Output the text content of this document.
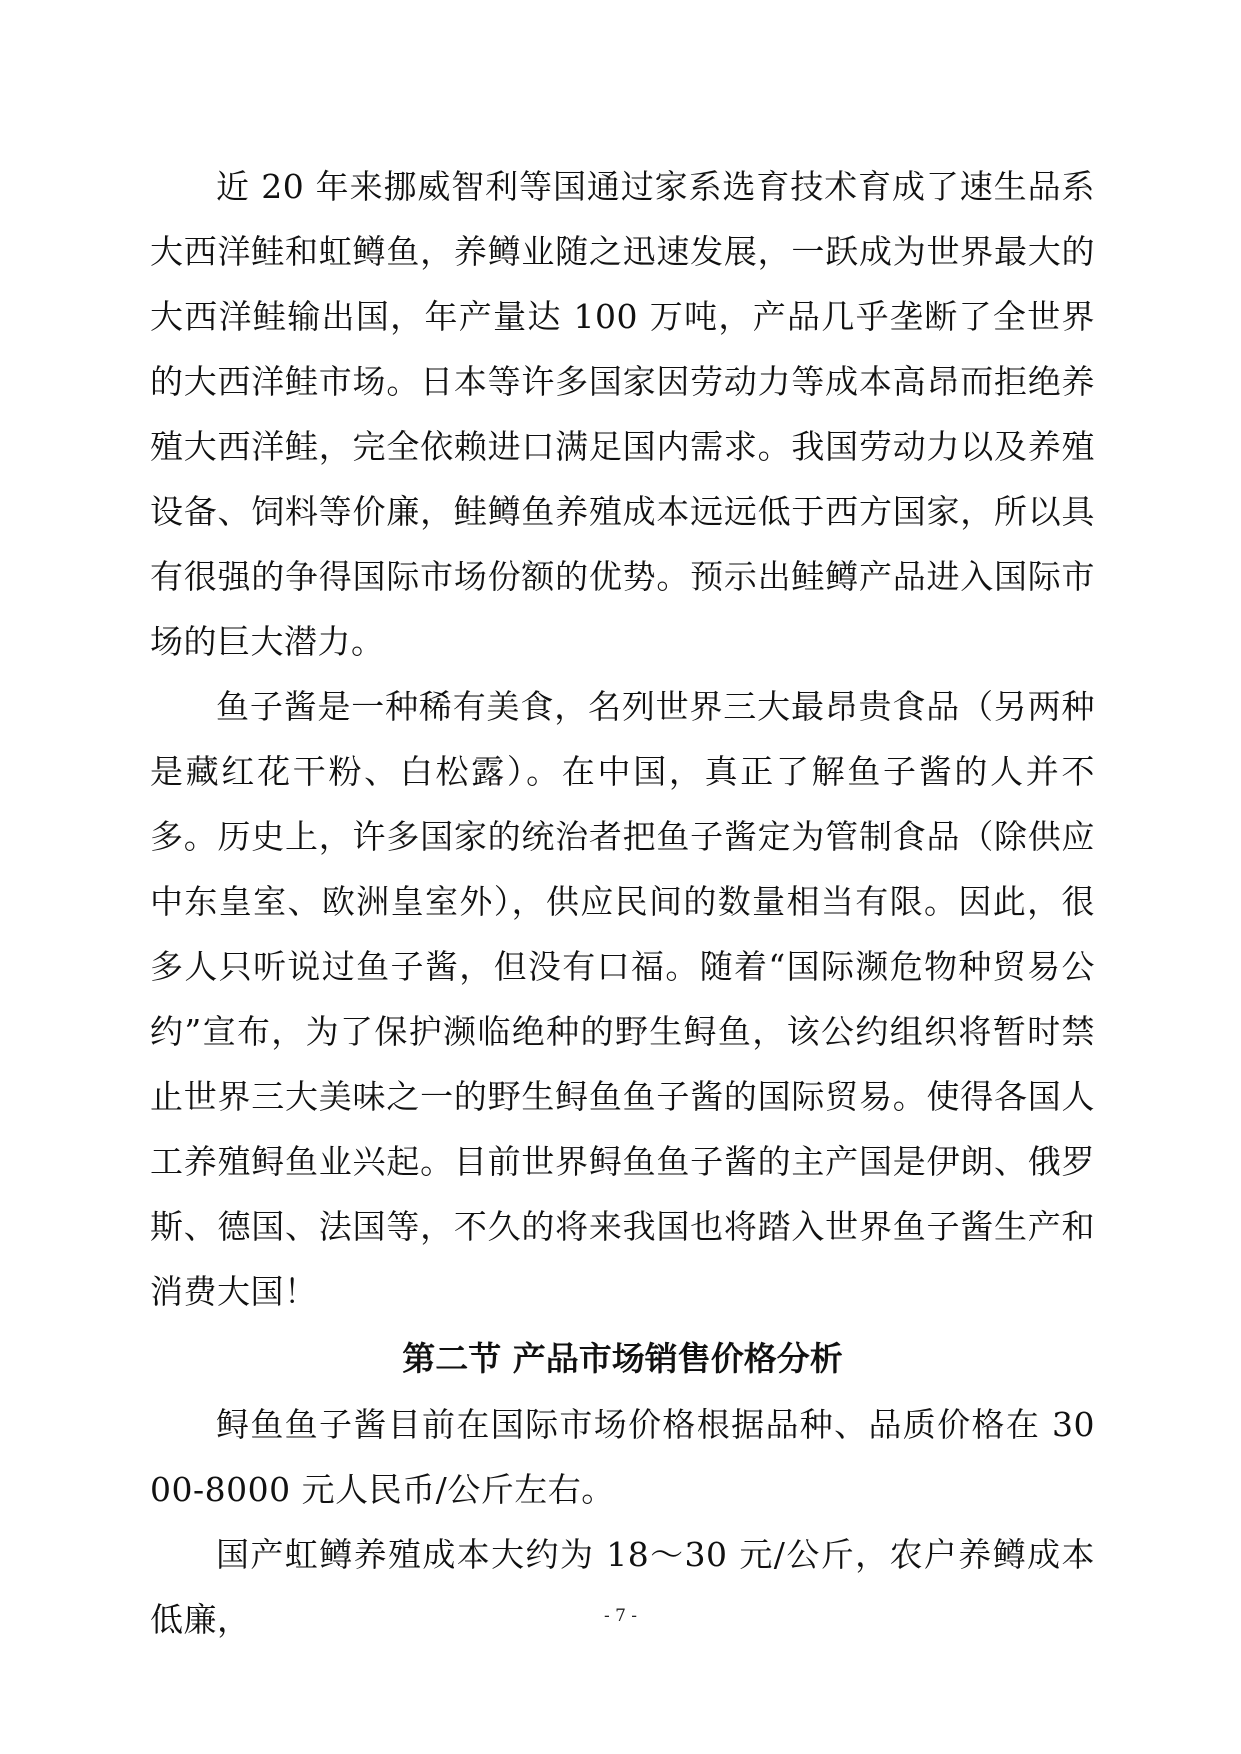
近 20 年来挪威智利等国通过家系选育技术育成了速生品系大西洋鲑和虹鳟鱼，养鳟业随之迅速发展，一跃成为世界最大的大西洋鲑输出国，年产量达 100 万吨，产品几乎垄断了全世界的大西洋鲑市场。日本等许多国家因劳动力等成本高昂而拒绝养殖大西洋鲑，完全依赖进口满足国内需求。我国劳动力以及养殖设备、饲料等价廉，鲑鳟鱼养殖成本远远低于西方国家，所以具有很强的争得国际市场份额的优势。预示出鲑鳟产品进入国际市场的巨大潜力。

鱼子酱是一种稀有美食，名列世界三大最昂贵食品（另两种是藏红花干粉、白松露）。在中国，真正了解鱼子酱的人并不多。历史上，许多国家的统治者把鱼子酱定为管制食品（除供应中东皇室、欧洲皇室外），供应民间的数量相当有限。因此，很多人只听说过鱼子酱，但没有口福。随着“国际濒危物种贸易公约”宣布，为了保护濒临绝种的野生鲟鱼，该公约组织将暂时禁止世界三大美味之一的野生鲟鱼鱼子酱的国际贸易。使得各国人工养殖鲟鱼业兴起。目前世界鲟鱼鱼子酱的主产国是伊朗、俄罗斯、德国、法国等，不久的将来我国也将踏入世界鱼子酱生产和消费大国！

第二节 产品市场销售价格分析

鲟鱼鱼子酱目前在国际市场价格根据品种、品质价格在 3000-8000 元人民币/公斤左右。

国产虹鳟养殖成本大约为 18～30 元/公斤，农户养鳟成本低廉，	- 7 -
